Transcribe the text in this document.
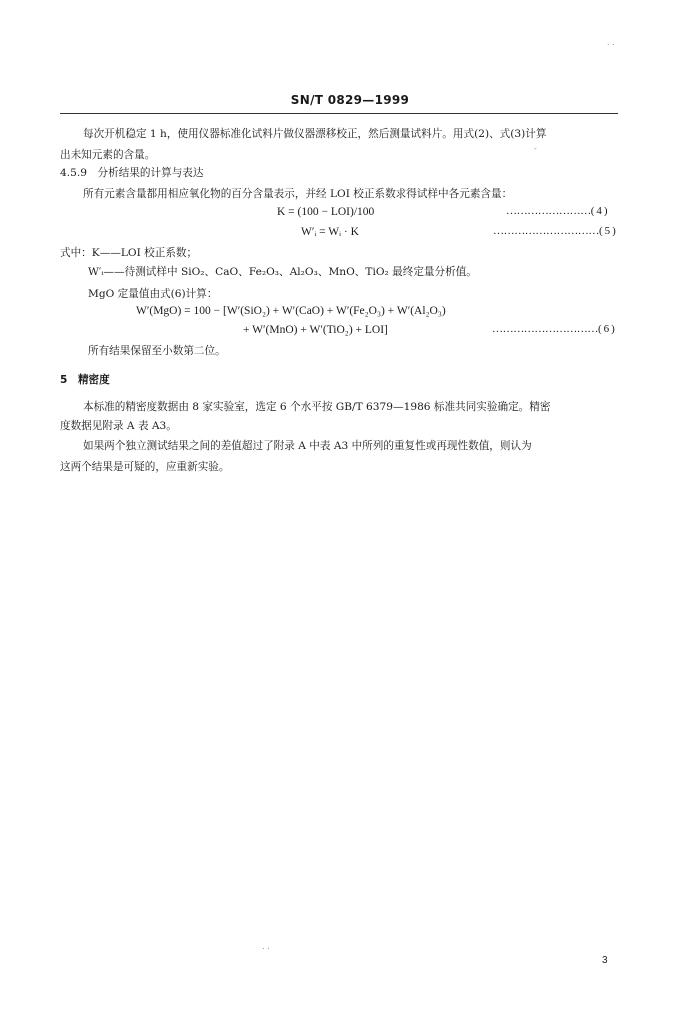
SN/T 0829—1999
每次开机稳定 1 h，使用仪器标准化试料片做仪器漂移校正，然后测量试料片。用式(2)、式(3)计算
出未知元素的含量。
4.5.9　分析结果的计算与表达
所有元素含量都用相应氧化物的百分含量表示，并经 LOI 校正系数求得试样中各元素含量：
K = (100 − LOI)/100	……………………( 4 )
W′ᵢ = Wᵢ · K	…………………………( 5 )
式中：K——LOI 校正系数；
W′ᵢ——待测试样中 SiO₂、CaO、Fe₂O₃、Al₂O₃、MnO、TiO₂ 最终定量分析值。
MgO 定量值由式(6)计算：
W′(MgO) = 100 − [W′(SiO₂) + W′(CaO) + W′(Fe₂O₃) + W′(Al₂O₃)
+ W′(MnO) + W′(TiO₂) + LOI]	…………………………( 6 )
所有结果保留至小数第二位。
5　精密度
本标准的精密度数据由 8 家实验室，选定 6 个水平按 GB/T 6379—1986 标准共同实验确定。精密
度数据见附录 A 表 A3。
如果两个独立测试结果之间的差值超过了附录 A 中表 A3 中所列的重复性或再现性数值，则认为
这两个结果是可疑的，应重新实验。
. .
-
. .
3
